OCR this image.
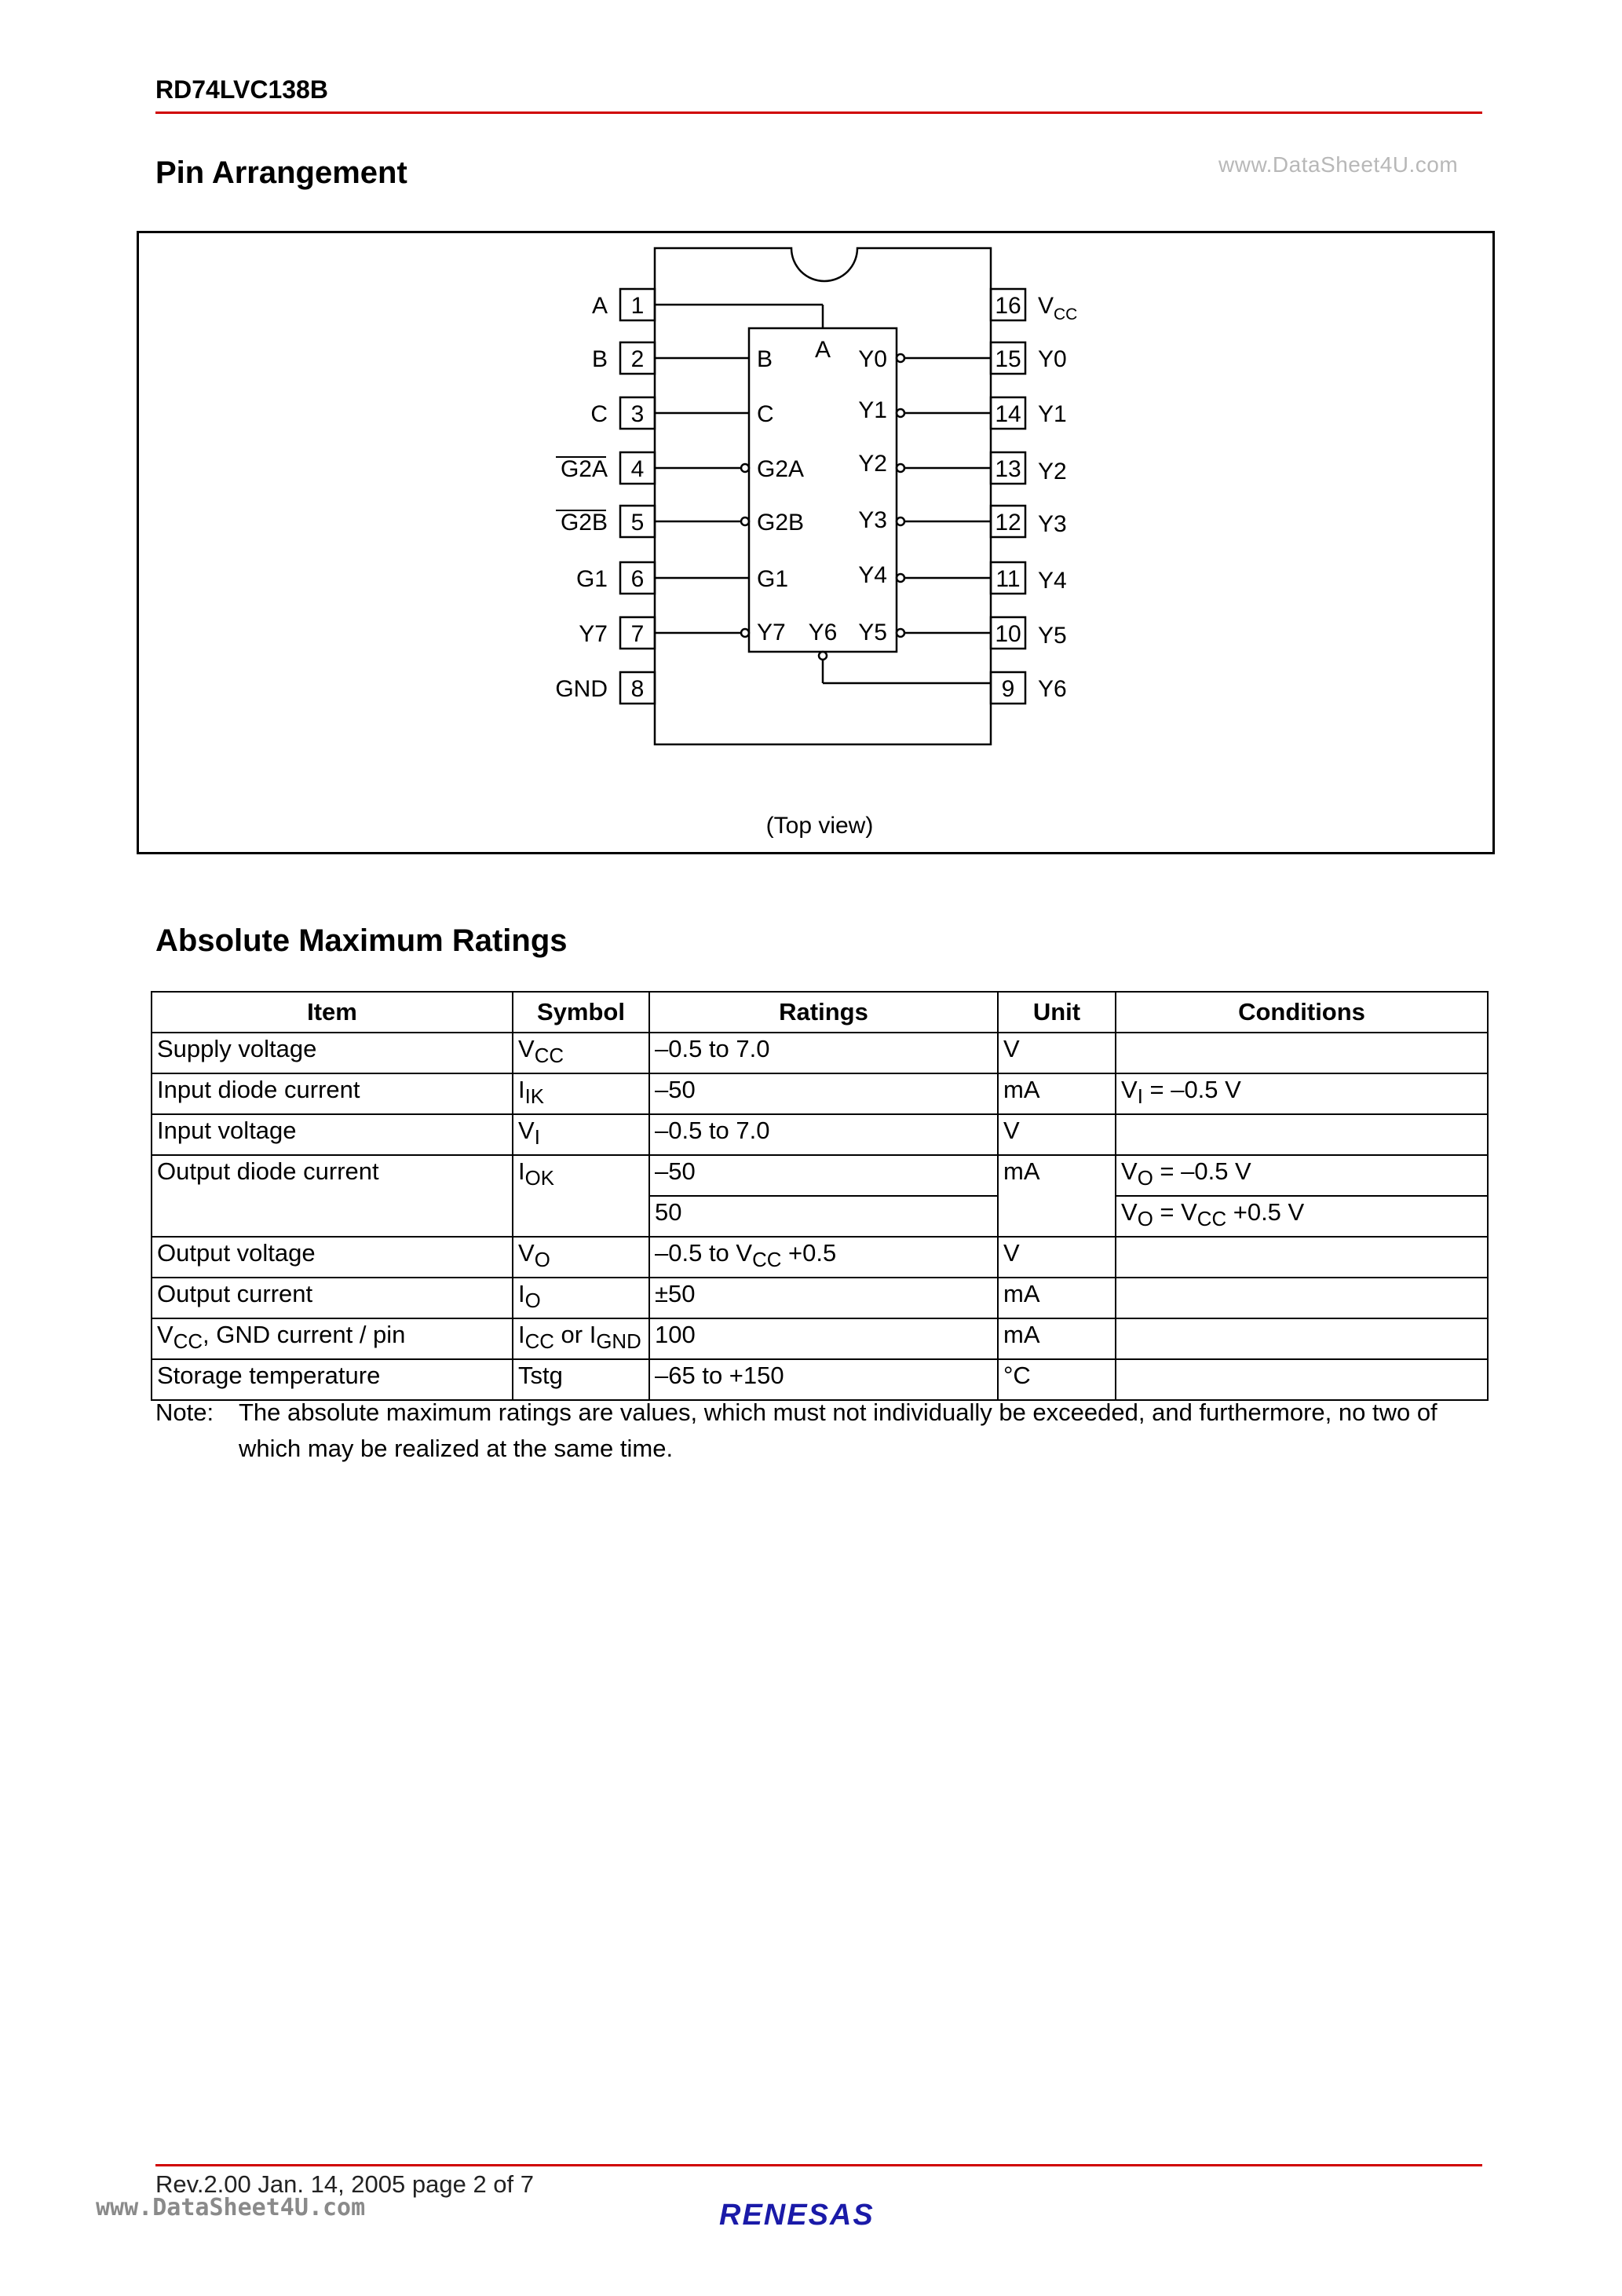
RD74LVC138B
Pin Arrangement	www.DataSheet4U.com
1
2
3
4
5
6
7
8
A
B
C
G2A
G2B
G1
Y7
GND
16
15
14
13
12
11
10
9
$V_{CC}$
Y0
Y1
Y2
Y3
Y4
Y5
Y6
A
B
C
G2A
G2B
G1
Y7 Y6
Y0
Y1
Y2
Y3
Y4
Y5
(Top view)
Absolute Maximum Ratings
Item	Symbol	Ratings	Unit	Conditions
Supply voltage	$V_{CC}$	–0.5 to 7.0	V	
Input diode current	$I_{IK}$	–50	mA	$V_I = -0.5$ V
Input voltage	$V_I$	–0.5 to 7.0	V	
Output diode current	$I_{OK}$	–50	mA	$V_O = -0.5$ V
		50		$V_O = V_{CC} +0.5$ V
Output voltage	$V_O$	–0.5 to $V_{CC} +0.5$	V	
Output current	$I_O$	±50	mA	
$V_{CC}$, GND current / pin	$I_{CC}$ or $I_{GND}$	100	mA	
Storage temperature	Tstg	–65 to +150	°C	
Note: The absolute maximum ratings are values, which must not individually be exceeded, and furthermore, no two of
which may be realized at the same time.
Rev.2.00 Jan. 14, 2005 page 2 of 7
www.DataSheet4U.com	RENESAS
